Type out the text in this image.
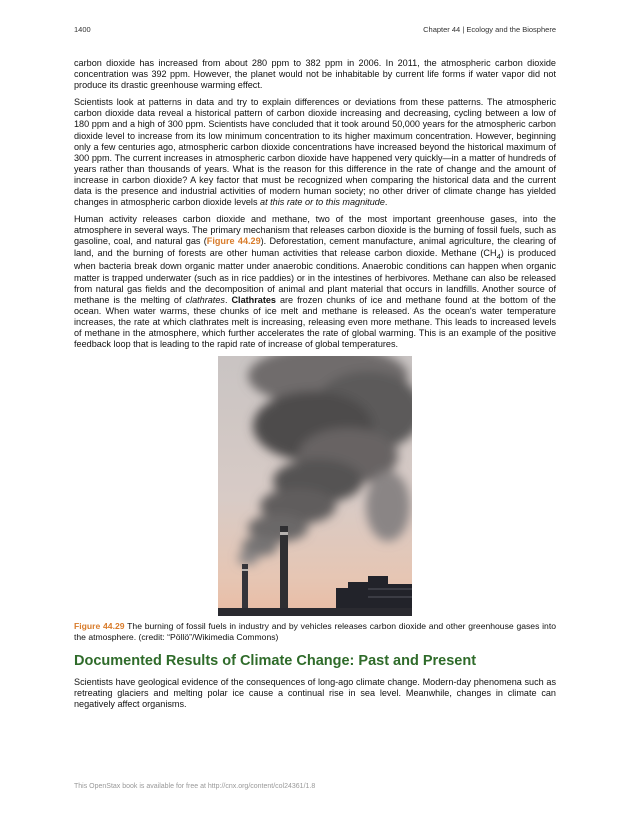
1400	Chapter 44 | Ecology and the Biosphere

carbon dioxide has increased from about 280 ppm to 382 ppm in 2006. In 2011, the atmospheric carbon dioxide concentration was 392 ppm. However, the planet would not be inhabitable by current life forms if water vapor did not produce its drastic greenhouse warming effect.

Scientists look at patterns in data and try to explain differences or deviations from these patterns. The atmospheric carbon dioxide data reveal a historical pattern of carbon dioxide increasing and decreasing, cycling between a low of 180 ppm and a high of 300 ppm. Scientists have concluded that it took around 50,000 years for the atmospheric carbon dioxide level to increase from its low minimum concentration to its higher maximum concentration. However, beginning only a few centuries ago, atmospheric carbon dioxide concentrations have increased beyond the historical maximum of 300 ppm. The current increases in atmospheric carbon dioxide have happened very quickly—in a matter of hundreds of years rather than thousands of years. What is the reason for this difference in the rate of change and the amount of increase in carbon dioxide? A key factor that must be recognized when comparing the historical data and the current data is the presence and industrial activities of modern human society; no other driver of climate change has yielded changes in atmospheric carbon dioxide levels at this rate or to this magnitude.

Human activity releases carbon dioxide and methane, two of the most important greenhouse gases, into the atmosphere in several ways. The primary mechanism that releases carbon dioxide is the burning of fossil fuels, such as gasoline, coal, and natural gas (Figure 44.29). Deforestation, cement manufacture, animal agriculture, the clearing of land, and the burning of forests are other human activities that release carbon dioxide. Methane $(CH_4)$ is produced when bacteria break down organic matter under anaerobic conditions. Anaerobic conditions can happen when organic matter is trapped underwater (such as in rice paddies) or in the intestines of herbivores. Methane can also be released from natural gas fields and the decomposition of animal and plant material that occurs in landfills. Another source of methane is the melting of clathrates. Clathrates are frozen chunks of ice and methane found at the bottom of the ocean. When water warms, these chunks of ice melt and methane is released. As the ocean's water temperature increases, the rate at which clathrates melt is increasing, releasing even more methane. This leads to increased levels of methane in the atmosphere, which further accelerates the rate of global warming. This is an example of the positive feedback loop that is leading to the rapid rate of increase of global temperatures.

Figure 44.29 The burning of fossil fuels in industry and by vehicles releases carbon dioxide and other greenhouse gases into the atmosphere. (credit: “Pöllö”/Wikimedia Commons)

Documented Results of Climate Change: Past and Present

Scientists have geological evidence of the consequences of long-ago climate change. Modern-day phenomena such as retreating glaciers and melting polar ice cause a continual rise in sea level. Meanwhile, changes in climate can negatively affect organisms.

This OpenStax book is available for free at http://cnx.org/content/col24361/1.8
